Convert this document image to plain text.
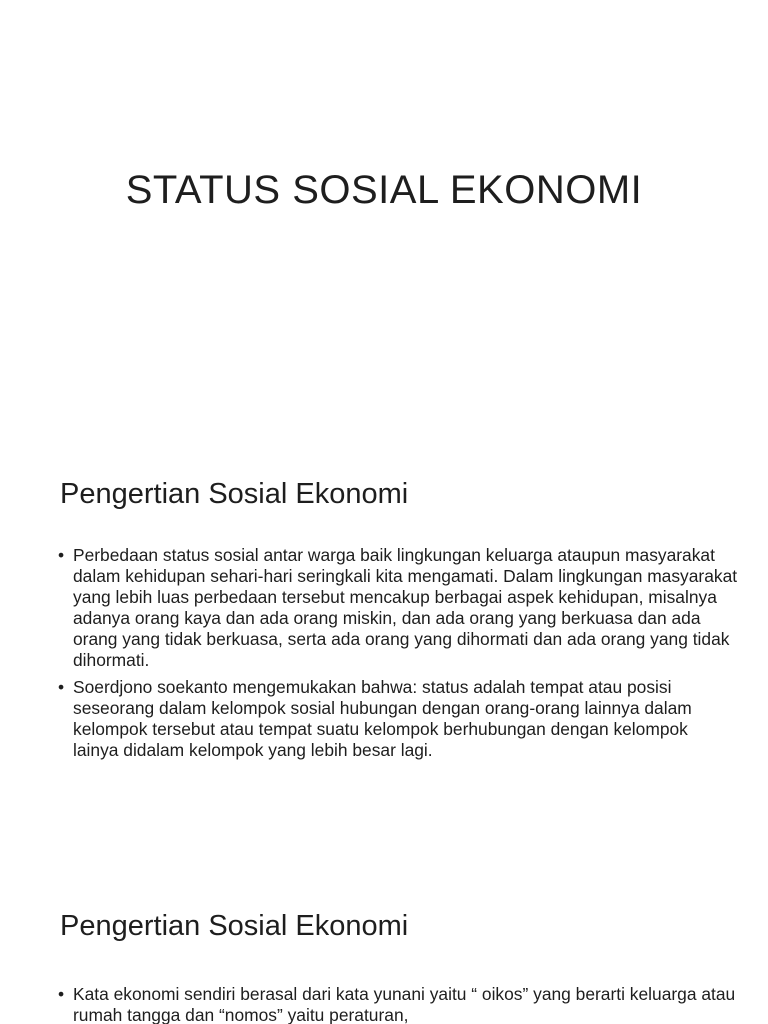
STATUS SOSIAL EKONOMI
Pengertian Sosial Ekonomi
• Perbedaan status sosial antar warga baik lingkungan keluarga ataupun masyarakat dalam kehidupan sehari-hari seringkali kita mengamati. Dalam lingkungan masyarakat yang lebih luas perbedaan tersebut mencakup berbagai aspek kehidupan, misalnya adanya orang kaya dan ada orang miskin, dan ada orang yang berkuasa dan ada orang yang tidak berkuasa, serta ada orang yang dihormati dan ada orang yang tidak dihormati.
• Soerdjono soekanto mengemukakan bahwa: status adalah tempat atau posisi seseorang dalam kelompok sosial hubungan dengan orang-orang lainnya dalam kelompok tersebut atau tempat suatu kelompok berhubungan dengan kelompok lainya didalam kelompok yang lebih besar lagi.
Pengertian Sosial Ekonomi
• Kata ekonomi sendiri berasal dari kata yunani yaitu “ oikos” yang berarti keluarga atau rumah tangga dan “nomos” yaitu peraturan,
